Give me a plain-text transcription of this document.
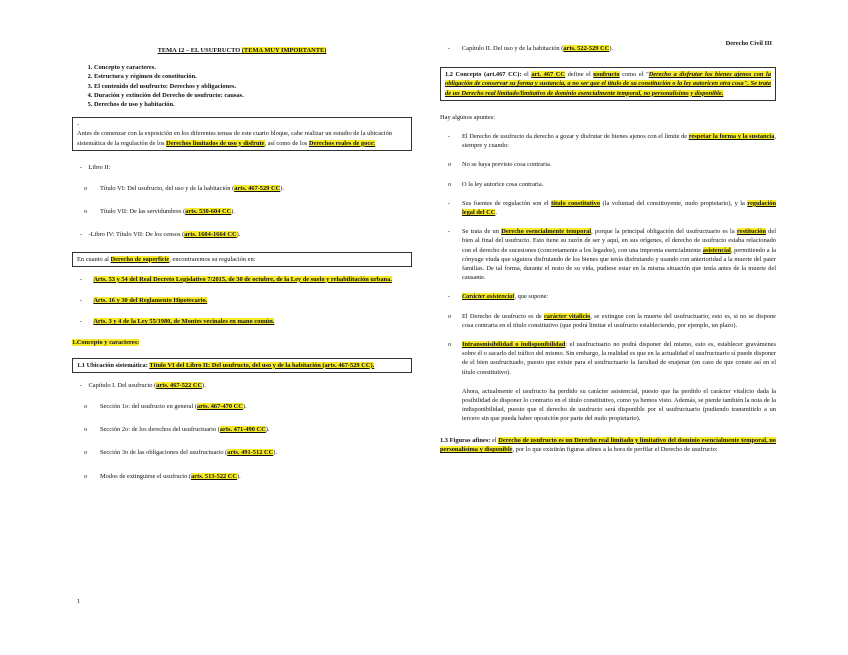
Derecho Civil III
TEMA 12 – EL USUFRUCTO (TEMA MUY IMPORTANTE)
1. Concepto y caracteres.
2. Estructura y régimen de constitución.
3. El contenido del usufructo: Derechos y obligaciones.
4. Duración y extinción del Derecho de usufructo: causas.
5. Derechos de uso y habitación.
-
Antes de comenzar con la exposición en los diferentes temas de este cuarto bloque, cabe realizar un estudio de la ubicación sistemática de la regulación de los Derechos limitados de uso y disfrute, así como de los Derechos reales de goce:
-    Libro II:
o Título VI: Del usufructo, del uso y de la habitación (arts. 467-529 CC).
o Título VII: De las servidumbres (arts. 530-604 CC).
-    -Libro IV: Título VII: De los censos (arts. 1604-1664 CC).
En cuanto al Derecho de superficie, encontraremos su regulación en:
-       Arts. 53 y 54 del Real Decreto Legislativo 7/2015, de 30 de octubre, de la Ley de suelo y rehabilitación urbana.
-       Arts. 16 y 30 del Reglamento Hipotecario.
-       Arts. 3 y 4 de la Ley 55/1980, de Montes vecinales en mano común.
1.Concepto y caracteres:
1.1 Ubicación sistemática: Título VI del Libro II: Del usufructo, del uso y de la habitación (arts. 467-529 CC).
-    Capítulo I. Del usufructo (arts. 467-522 CC).
o Sección 1o: del usufructo en general (arts. 467-470 CC).
o Sección 2o: de los derechos del usufructuario (arts. 471-490 CC).
o Sección 3o de las obligaciones del usufructuario (arts. 491-512 CC).
o Modos de extinguirse el usufructo (arts. 513-522 CC).
1
- Capítulo II. Del uso y de la habitación (arts. 522-529 CC).
1.2 Concepto (art.467 CC): el art. 467 CC define el usufructo como el "Derecho a disfrutar los bienes ajenos con la obligación de conservar su forma y sustancia, a no ser que el título de su constitución o la ley autoricen otra cosa". Se trata de un Derecho real limitado/limitativo de dominio esencialmente temporal, no personalísimo y disponible.
Hay algunos apuntes:
- El Derecho de usufructo da derecho a gozar y disfrutar de bienes ajenos con el límite de respetar la forma y la sustancia, siempre y cuando:
o No se haya previsto cosa contraria.
o O la ley autorice cosa contraria.
- Sus fuentes de regulación son el título constitutivo (la voluntad del constituyente, nudo propietario), y la regulación legal del CC.
- Se trata de un Derecho esencialmente temporal, porque la principal obligación del usufructuario es la restitución del bien al final del usufructo. Esto tiene su razón de ser y aquí, en sus orígenes, el derecho de usufructo estaba relacionado con el derecho de sucesiones (concretamente a los legados), con una impronta esencialmente asistencial, permitiendo a la cónyuge viuda que siguiera disfrutando de los bienes que tenía disfrutando y usando con anterioridad a la muerte del pater familias. De tal forma, durante el resto de su vida, pudiese estar en la misma situación que tenía antes de la muerte del causante.
- Carácter asistencial, que supone:
o El Derecho de usufructo es de carácter vitalicio, se extingue con la muerte del usufructuario; esto es, si no se dispone cosa contraria en el título constitutivo (que podrá limitar el usufructo estableciendo, por ejemplo, un plazo).
o Intransmisibilidad o indisponibilidad: el usufructuario no podrá disponer del mismo, esto es, establecer gravámenes sobre él o sacarlo del tráfico del mismo. Sin embargo, la realidad es que en la actualidad el usufructuario sí puede disponer de el bien usufructuado, puesto que existe para el usufructuario la facultad de enajenar (en caso de que conste así en el título constitutivo).
Ahora, actualmente el usufructo ha perdido su carácter asistencial, puesto que ha perdido el carácter vitalicio dada la posibilidad de disponer lo contrario en el título constitutivo, como ya hemos visto. Además, se pierde también la nota de la indisponibilidad, puesto que el derecho de usufructo será disponible por el usufructuario (pudiendo transmitirlo a un tercero sin que pueda haber oposición por parte del nudo propietario).
1.3 Figuras afines: el Derecho de usufructo es un Derecho real limitado y limitativo del dominio esencialmente temporal, no personalísima y disponible, por lo que existirán figuras afines a la hora de perfilar el Derecho de usufructo:
